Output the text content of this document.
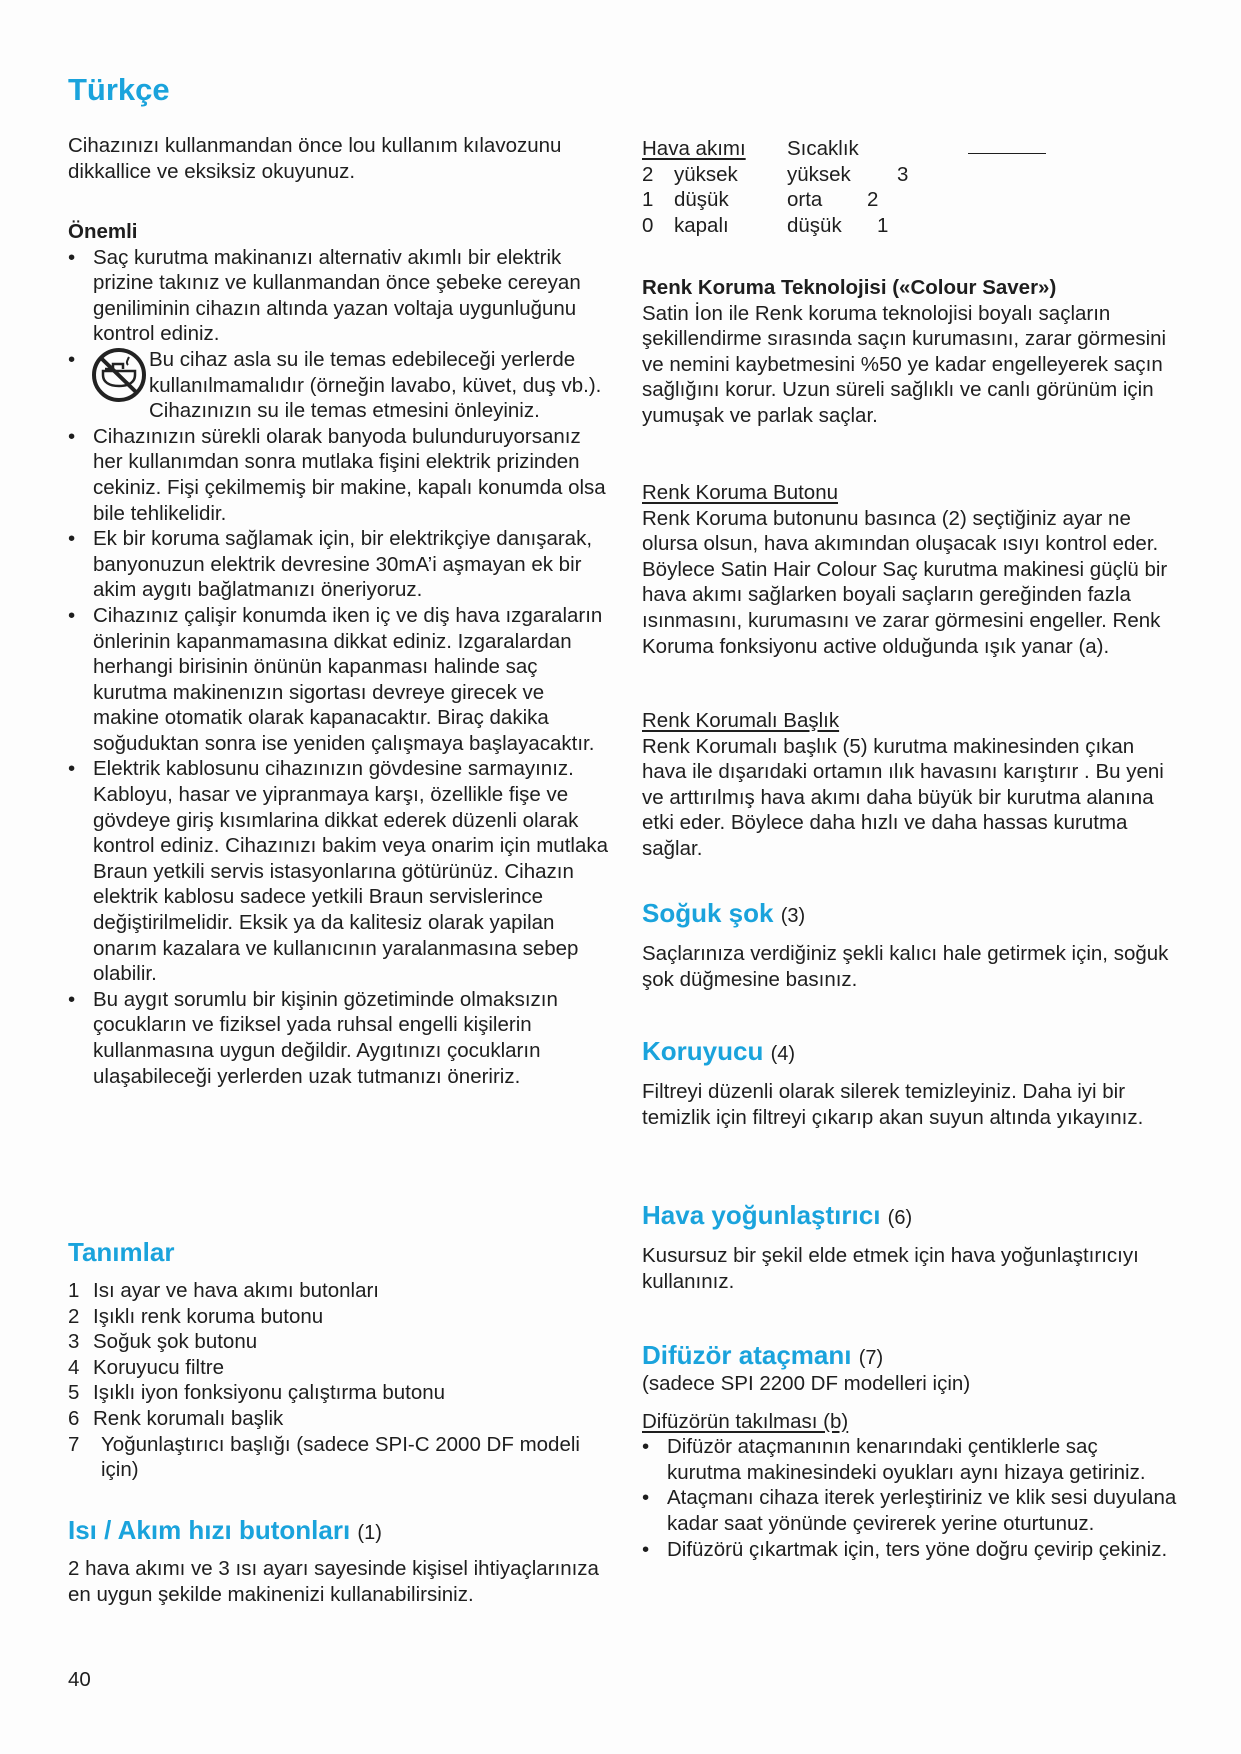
Türkçe

Cihazınızı kullanmandan önce lou kullanım kılavozunu dikkallice ve eksiksiz okuyunuz.

Önemli
• Saç kurutma makinanızı alternativ akımlı bir elektrik prizine takınız ve kullanmandan önce şebeke cereyan geniliminin cihazın altında yazan voltaja uygunluğunu kontrol ediniz.
• Bu cihaz asla su ile temas edebileceği yerlerde kullanılmamalıdır (örneğin lavabo, küvet, duş vb.). Cihazınızın su ile temas etmesini önleyiniz.
• Cihazınızın sürekli olarak banyoda bulunduruyorsanız her kullanımdan sonra mutlaka fişini elektrik prizinden cekiniz. Fişi çekilmemiş bir makine, kapalı konumda olsa bile tehlikelidir.
• Ek bir koruma sağlamak için, bir elektrikçiye danışarak, banyonuzun elektrik devresine 30mA’i aşmayan ek bir akim aygıtı bağlatmanızı öneriyoruz.
• Cihazınız çalişir konumda iken iç ve diş hava ızgaraların önlerinin kapanmamasına dikkat ediniz. Izgaralardan herhangi birisinin önünün kapanması halinde saç kurutma makinenızın sigortası devreye girecek ve makine otomatik olarak kapanacaktır. Biraç dakika soğuduktan sonra ise yeniden çalışmaya başlayacaktır.
• Elektrik kablosunu cihazınızın gövdesine sarmayınız. Kabloyu, hasar ve yipranmaya karşı, özellikle fişe ve gövdeye giriş kısımlarina dikkat ederek düzenli olarak kontrol ediniz. Cihazınızı bakim veya onarim için mutlaka Braun yetkili servis istasyonlarına götürünüz. Cihazın elektrik kablosu sadece yetkili Braun servislerince değiştirilmelidir. Eksik ya da kalitesiz olarak yapilan onarım kazalara ve kullanıcının yaralanmasına sebep olabilir.
• Bu aygıt sorumlu bir kişinin gözetiminde olmaksızın çocukların ve fiziksel yada ruhsal engelli kişilerin kullanmasına uygun değildir. Aygıtınızı çocukların ulaşabileceği yerlerden uzak tutmanızı öneririz.
Tanımlar
1 Isı ayar ve hava akımı butonları
2 Işıklı renk koruma butonu
3 Soğuk şok butonu
4 Koruyucu filtre
5 Işıklı iyon fonksiyonu çalıştırma butonu
6 Renk korumalı başlik
7	Yoğunlaştırıcı başlığı (sadece SPI-C 2000 DF modeli için)
Isı / Akım hızı butonları (1)

2 hava akımı ve 3 ısı ayarı sayesinde kişisel ihtiyaçlarınıza en uygun şekilde makinenizi kullanabilirsiniz.

Hava akımı		Sıcaklık		

2	yüksek	yüksek	3	
1	düşük	orta	2	
0	kapalı	düşük	1	
Renk Koruma Teknolojisi («Colour Saver»)

Satin İon ile Renk koruma teknolojisi boyalı saçların şekillendirme sırasında saçın kurumasını, zarar görmesini ve nemini kaybetmesini %50 ye kadar engelleyerek saçın sağlığını korur. Uzun süreli sağlıklı ve canlı görünüm için yumuşak ve parlak saçlar.

Renk Koruma Butonu

Renk Koruma butonunu basınca (2) seçtiğiniz ayar ne olursa olsun, hava akımından oluşacak ısıyı kontrol eder. Böylece Satin Hair Colour Saç kurutma makinesi güçlü bir hava akımı sağlarken boyali saçların gereğinden fazla ısınmasını, kurumasını ve zarar görmesini engeller. Renk Koruma fonksiyonu active olduğunda ışık yanar (a).

Renk Korumalı Başlık

Renk Korumalı başlık (5) kurutma makinesinden çıkan hava ile dışarıdaki ortamın ılık havasını karıştırır . Bu yeni ve arttırılmış hava akımı daha büyük bir kurutma alanına etki eder. Böylece daha hızlı ve daha hassas kurutma sağlar.

Soğuk şok (3)

Saçlarınıza verdiğiniz şekli kalıcı hale getirmek için, soğuk şok düğmesine basınız.

Koruyucu (4)

Filtreyi düzenli olarak silerek temizleyiniz. Daha iyi bir temizlik için filtreyi çıkarıp akan suyun altında yıkayınız.

Hava yoğunlaştırıcı (6)

Kusursuz bir şekil elde etmek için hava yoğunlaştırıcıyı kullanınız.

Difüzör ataçmanı (7)

(sadece SPI 2200 DF modelleri için)

Difüzörün takılması (b)

• Difüzör ataçmanının kenarındaki çentiklerle saç kurutma makinesindeki oyukları aynı hizaya getiriniz.
• Ataçmanı cihaza iterek yerleştiriniz ve klik sesi duyulana kadar saat yönünde çevirerek yerine oturtunuz.
• Difüzörü çıkartmak için, ters yöne doğru çevirip çekiniz.
40
